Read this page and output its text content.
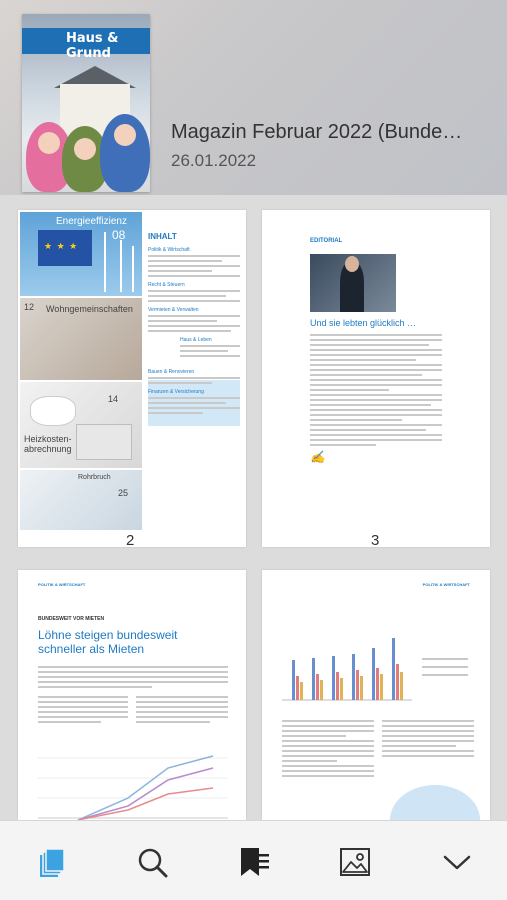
Haus & Grund
Magazin Februar 2022 (Bunde…
26.01.2022
★ ★ ★
Energieeffizienz
08
12 Wohngemeinschaften
14
Heizkosten-
abrechnung
Rohrbruch
25
INHALT
Politik & Wirtschaft
Recht & Steuern
Vermieten & Verwalten
Haus & Leben
Bauen & Renovieren
Finanzen & Versicherung
2
EDITORIAL
Und sie lebten glücklich …
✍
3
POLITIK & WIRTSCHAFT
BUNDESWEIT VOR MIETEN
Löhne steigen bundesweit schneller als Mieten
POLITIK & WIRTSCHAFT
